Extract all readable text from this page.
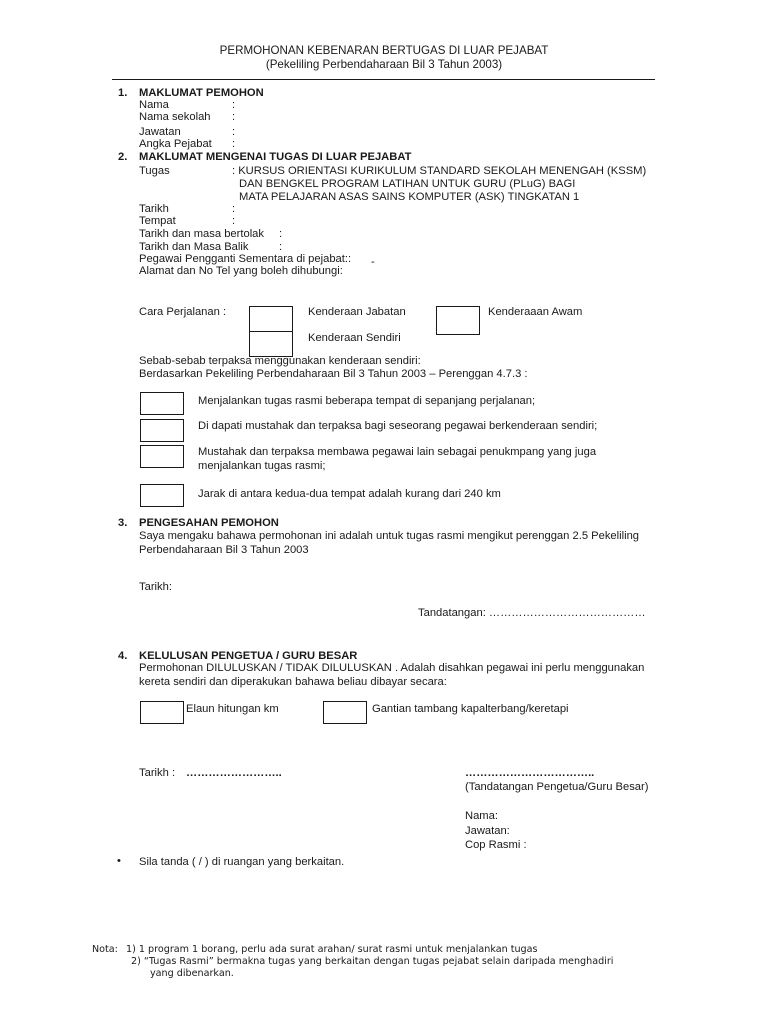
PERMOHONAN KEBENARAN BERTUGAS DI LUAR PEJABAT
(Pekeliling Perbendaharaan Bil 3 Tahun 2003)
1. MAKLUMAT PEMOHON
Nama	:
Nama sekolah :
Jawatan	:
Angka Pejabat :
2. MAKLUMAT MENGENAI TUGAS DI LUAR PEJABAT
Tugas	: KURSUS ORIENTASI KURIKULUM STANDARD SEKOLAH MENENGAH (KSSM)
DAN BENGKEL PROGRAM LATIHAN UNTUK GURU (PLuG) BAGI
MATA PELAJARAN ASAS SAINS KOMPUTER (ASK) TINGKATAN 1
Tarikh	:
Tempat	:
Tarikh dan masa bertolak :
Tarikh dan Masa Balik	:
Pegawai Pengganti Sementara di pejabat:: -
Alamat dan No Tel yang boleh dihubungi:
Cara Perjalanan :	Kenderaan Jabatan	Kenderaaan Awam
Kenderaan Sendiri
Sebab-sebab terpaksa menggunakan kenderaan sendiri:
Berdasarkan Pekeliling Perbendaharaan Bil 3 Tahun 2003 – Perenggan 4.7.3 :
Menjalankan tugas rasmi beberapa tempat di sepanjang perjalanan;
Di dapati mustahak dan terpaksa bagi seseorang pegawai berkenderaan sendiri;
Mustahak dan terpaksa membawa pegawai lain sebagai penukmpang yang juga
menjalankan tugas rasmi;
Jarak di antara kedua-dua tempat adalah kurang dari 240 km
3. PENGESAHAN PEMOHON
Saya mengaku bahawa permohonan ini adalah untuk tugas rasmi mengikut perenggan 2.5 Pekeliling
Perbendaharaan Bil 3 Tahun 2003
Tarikh:
Tandatangan: ……………………………………
4. KELULUSAN PENGETUA / GURU BESAR
Permohonan DILULUSKAN / TIDAK DILULUSKAN . Adalah disahkan pegawai ini perlu menggunakan
kereta sendiri dan diperakukan bahawa beliau dibayar secara:
Elaun hitungan km	Gantian tambang kapalterbang/keretapi
Tarikh : ……………………..	……………………………..
(Tandatangan Pengetua/Guru Besar)
Nama:
Jawatan:
Cop Rasmi :
• Sila tanda ( / ) di ruangan yang berkaitan.
Nota: 1) 1 program 1 borang, perlu ada surat arahan/ surat rasmi untuk menjalankan tugas
2) “Tugas Rasmi” bermakna tugas yang berkaitan dengan tugas pejabat selain daripada menghadiri
yang dibenarkan.
